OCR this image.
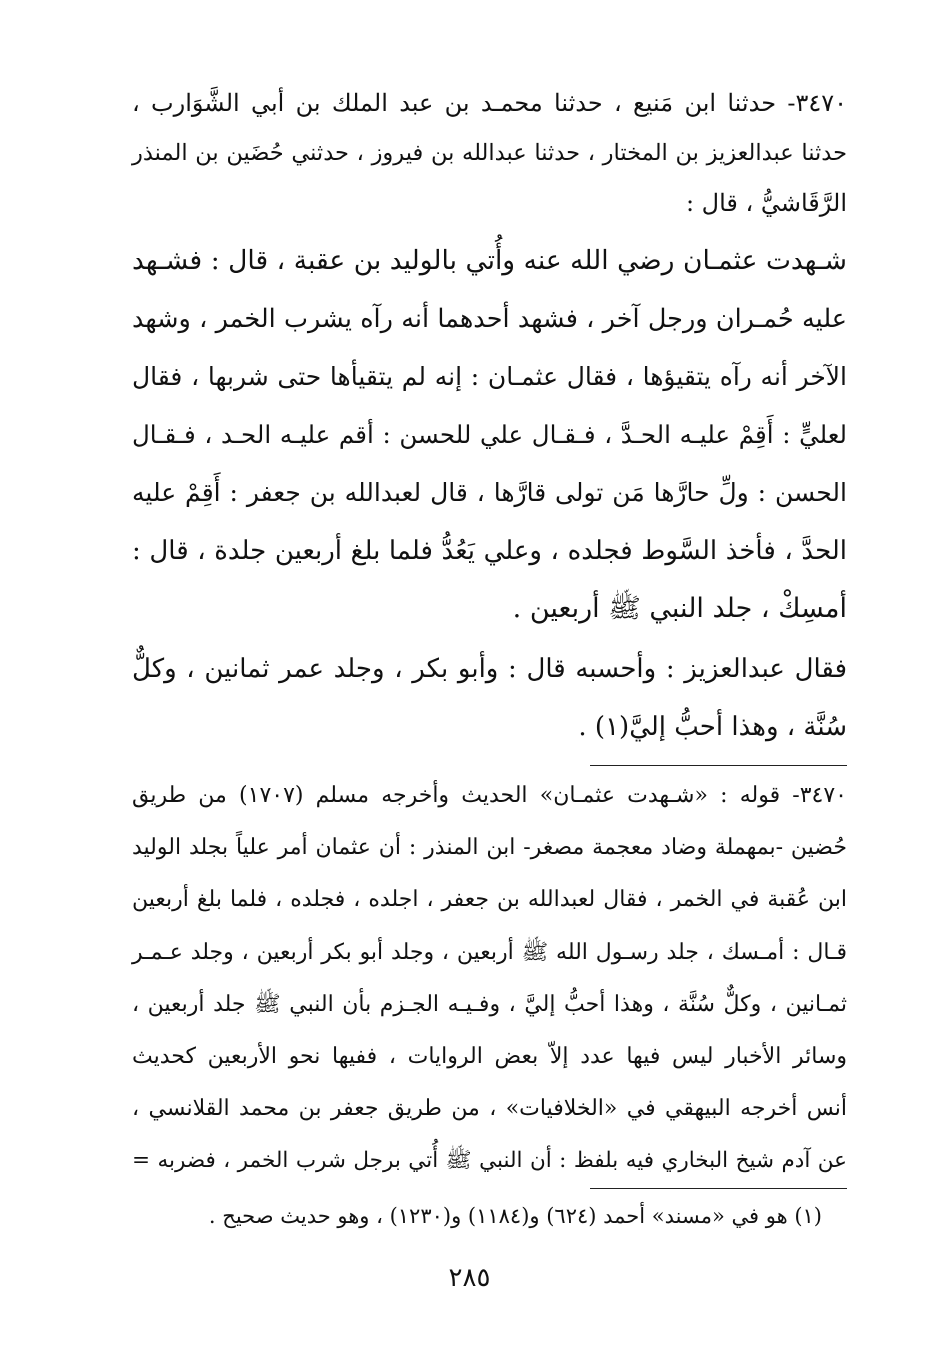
٣٤٧٠- حدثنا ابن مَنيع ، حدثنا محمـد بن عبد الملك بن أبي الشَّوَارب ،
حدثنا عبدالعزيز بن المختار ، حدثنا عبدالله بن فيروز ، حدثني حُضَين بن المنذر
الرَّقَاشيُّ ، قال :
شـهدت عثمـان رضي الله عنه وأُتي بالوليد بن عقبة ، قال : فشـهد
عليه حُمـران ورجل آخر ، فشهد أحدهما أنه رآه يشرب الخمر ، وشهد
الآخر أنه رآه يتقيؤها ، فقال عثمـان : إنه لم يتقيأها حتى شربها ، فقال
لعليٍّ : أَقِمْ عليـه الحـدَّ ، فـقـال علي للحسن : أقم عليـه الحـد ، فـقـال
الحسن : ولِّ حارَّها مَن تولى قارَّها ، قال لعبدالله بن جعفر : أَقِمْ عليه
الحدَّ ، فأخذ السَّوط فجلده ، وعلي يَعُدُّ فلما بلغ أربعين جلدة ، قال :
أمسِكْ ، جلد النبي ﷺ أربعين .
فقال عبدالعزيز : وأحسبه قال : وأبو بكر ، وجلد عمر ثمانين ، وكلٌّ
سُنَّة ، وهذا أحبُّ إليَّ(١) .
٣٤٧٠- قوله : «شـهدت عثمـان» الحديث وأخرجه مسلم (١٧٠٧) من طريق
حُضين -بمهملة وضاد معجمة مصغر- ابن المنذر : أن عثمان أمر علياً بجلد الوليد
ابن عُقبة في الخمر ، فقال لعبدالله بن جعفر ، اجلده ، فجلده ، فلما بلغ أربعين
قـال : أمـسك ، جلد رسـول الله ﷺ أربعين ، وجلد أبو بكر أربعين ، وجلد عـمـر
ثمـانين ، وكلٌّ سُنَّة ، وهذا أحبُّ إليَّ ، وفـيـه الجـزم بأن النبي ﷺ جلد أربعين ،
وسائر الأخبار ليس فيها عدد إلاّ بعض الروايات ، ففيها نحو الأربعين كحديث
أنس أخرجه البيهقي في «الخلافيات» ، من طريق جعفر بن محمد القلانسي ،
عن آدم شيخ البخاري فيه بلفظ : أن النبي ﷺ أُتي برجل شرب الخمر ، فضربه =
(١) هو في «مسند» أحمد (٦٢٤) و(١١٨٤) و(١٢٣٠) ، وهو حديث صحيح .
٢٨٥
